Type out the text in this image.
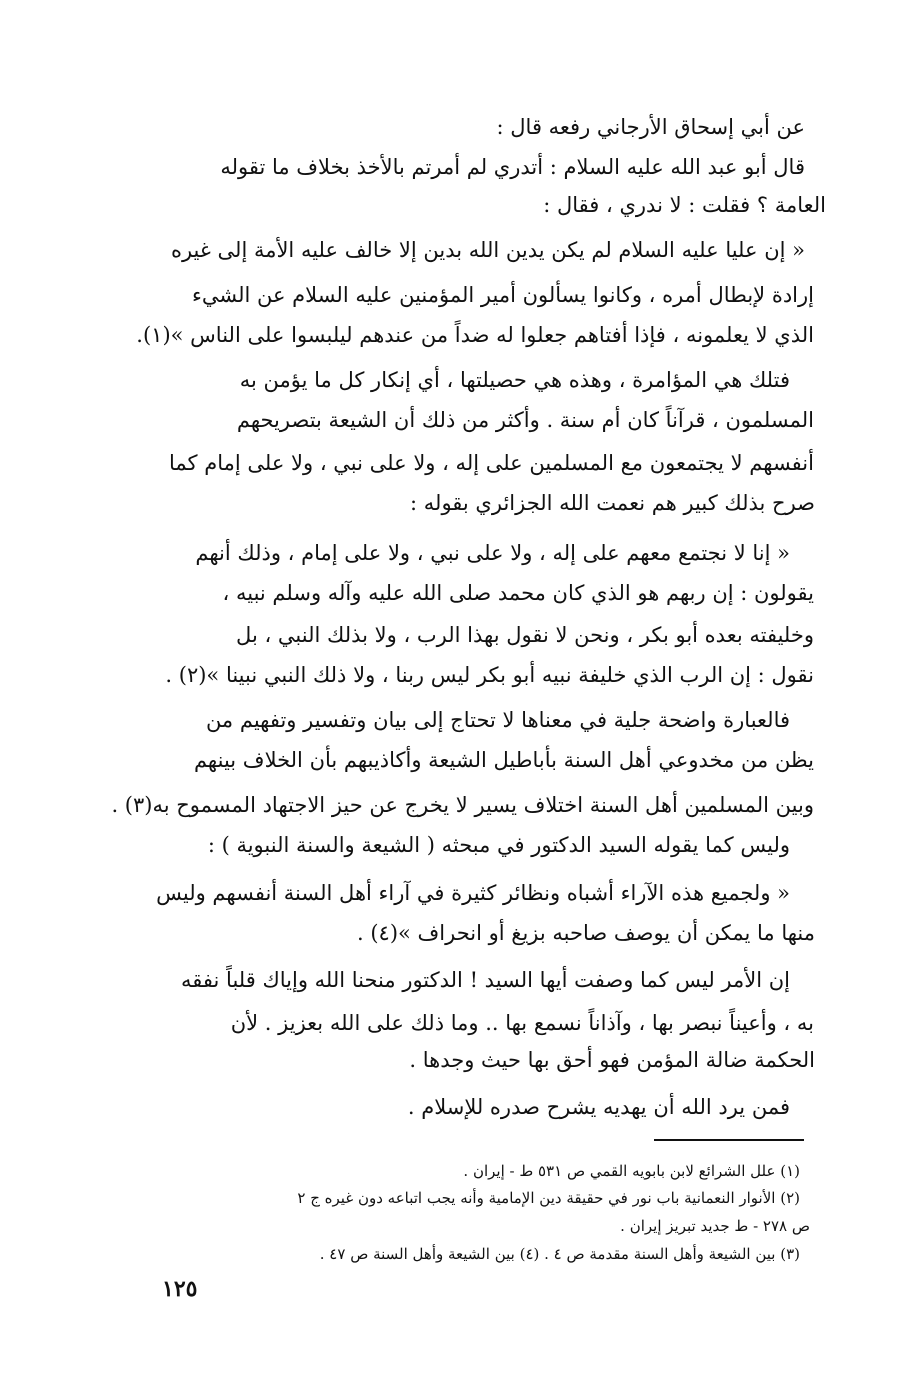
عن أبي إسحاق الأرجاني رفعه قال :
قال أبو عبد الله عليه السلام : أتدري لم أمرتم بالأخذ بخلاف ما تقوله
العامة ؟ فقلت : لا ندري ، فقال :
« إن عليا عليه السلام لم يكن يدين الله بدين إلا خالف عليه الأمة إلى غيره
إرادة لإبطال أمره ، وكانوا يسألون أمير المؤمنين عليه السلام عن الشيء
الذي لا يعلمونه ، فإذا أفتاهم جعلوا له ضداً من عندهم ليلبسوا على الناس »(١).
فتلك هي المؤامرة ، وهذه هي حصيلتها ، أي إنكار كل ما يؤمن به
المسلمون ، قرآناً كان أم سنة . وأكثر من ذلك أن الشيعة بتصريحهم
أنفسهم لا يجتمعون مع المسلمين على إله ، ولا على نبي ، ولا على إمام كما
صرح بذلك كبير هم نعمت الله الجزائري بقوله :
« إنا لا نجتمع معهم على إله ، ولا على نبي ، ولا على إمام ، وذلك أنهم
يقولون : إن ربهم هو الذي كان محمد صلى الله عليه وآله وسلم نبيه ،
وخليفته بعده أبو بكر ، ونحن لا نقول بهذا الرب ، ولا بذلك النبي ، بل
نقول : إن الرب الذي خليفة نبيه أبو بكر ليس ربنا ، ولا ذلك النبي نبينا »(٢) .
فالعبارة واضحة جلية في معناها لا تحتاج إلى بيان وتفسير وتفهيم من
يظن من مخدوعي أهل السنة بأباطيل الشيعة وأكاذيبهم بأن الخلاف بينهم
وبين المسلمين أهل السنة اختلاف يسير لا يخرج عن حيز الاجتهاد المسموح به(٣) .
وليس كما يقوله السيد الدكتور في مبحثه ( الشيعة والسنة النبوية ) :
« ولجميع هذه الآراء أشباه ونظائر كثيرة في آراء أهل السنة أنفسهم وليس
منها ما يمكن أن يوصف صاحبه بزيغ أو انحراف »(٤) .
إن الأمر ليس كما وصفت أيها السيد ! الدكتور منحنا الله وإياك قلباً نفقه
به ، وأعيناً نبصر بها ، وآذاناً نسمع بها .. وما ذلك على الله بعزيز . لأن
الحكمة ضالة المؤمن فهو أحق بها حيث وجدها .
فمن يرد الله أن يهديه يشرح صدره للإسلام .
(١) علل الشرائع لابن بابويه القمي ص ٥٣١ ط - إيران .
(٢) الأنوار النعمانية باب نور في حقيقة دين الإمامية وأنه يجب اتباعه دون غيره ج ٢
ص ٢٧٨ - ط جديد تبريز إيران .
(٣) بين الشيعة وأهل السنة مقدمة ص ٤ . (٤) بين الشيعة وأهل السنة ص ٤٧ .
١٢٥
